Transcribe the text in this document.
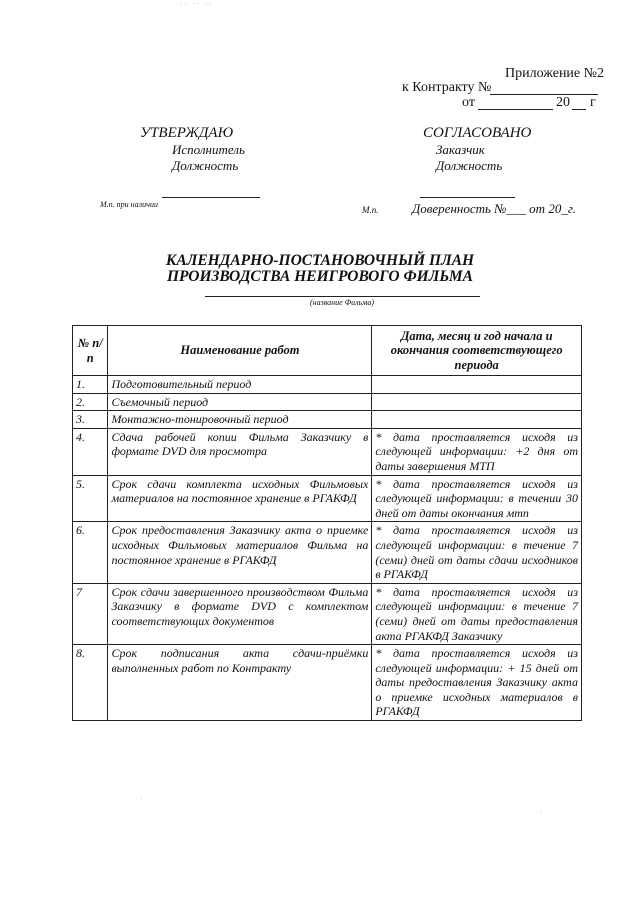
·· ·· ··
Приложение №2
к Контракту №
от	20 г
УТВЕРЖДАЮ
Исполнитель
Должность
М.п. при наличии
СОГЛАСОВАНО
Заказчик
Должность
М.п.	Доверенность №___ от 20_г.
КАЛЕНДАРНО-ПОСТАНОВОЧНЫЙ ПЛАН
ПРОИЗВОДСТВА НЕИГРОВОГО ФИЛЬМА
(название Фильма)
№ п/п	Наименование работ	Дата, месяц и год начала и окончания соответствующего периода
1.	Подготовительный период	
2.	Съемочный период	
3.	Монтажно-тонировочный период	
4.	Сдача рабочей копии Фильма Заказчику в формате DVD для просмотра	* дата проставляется исходя из следующей информации: +2 дня от даты завершения МТП
5.	Срок сдачи комплекта исходных Фильмовых материалов на постоянное хранение в РГАКФД	* дата проставляется исходя из следующей информации: в течении 30 дней от даты окончания мтп
6.	Срок предоставления Заказчику акта о приемке исходных Фильмовых материалов Фильма на постоянное хранение в РГАКФД	* дата проставляется исходя из следующей информации: в течение 7 (семи) дней от даты сдачи исходников в РГАКФД
7	Срок сдачи завершенного производством Фильма Заказчику в формате DVD с комплектом соответствующих документов	* дата проставляется исходя из следующей информации: в течение 7 (семи) дней от даты предоставления акта РГАКФД Заказчику
8.	Срок подписания акта сдачи-приёмки выполненных работ по Контракту	* дата проставляется исходя из следующей информации: + 15 дней от даты предоставления Заказчику акта о приемке исходных материалов в РГАКФД
·
·
